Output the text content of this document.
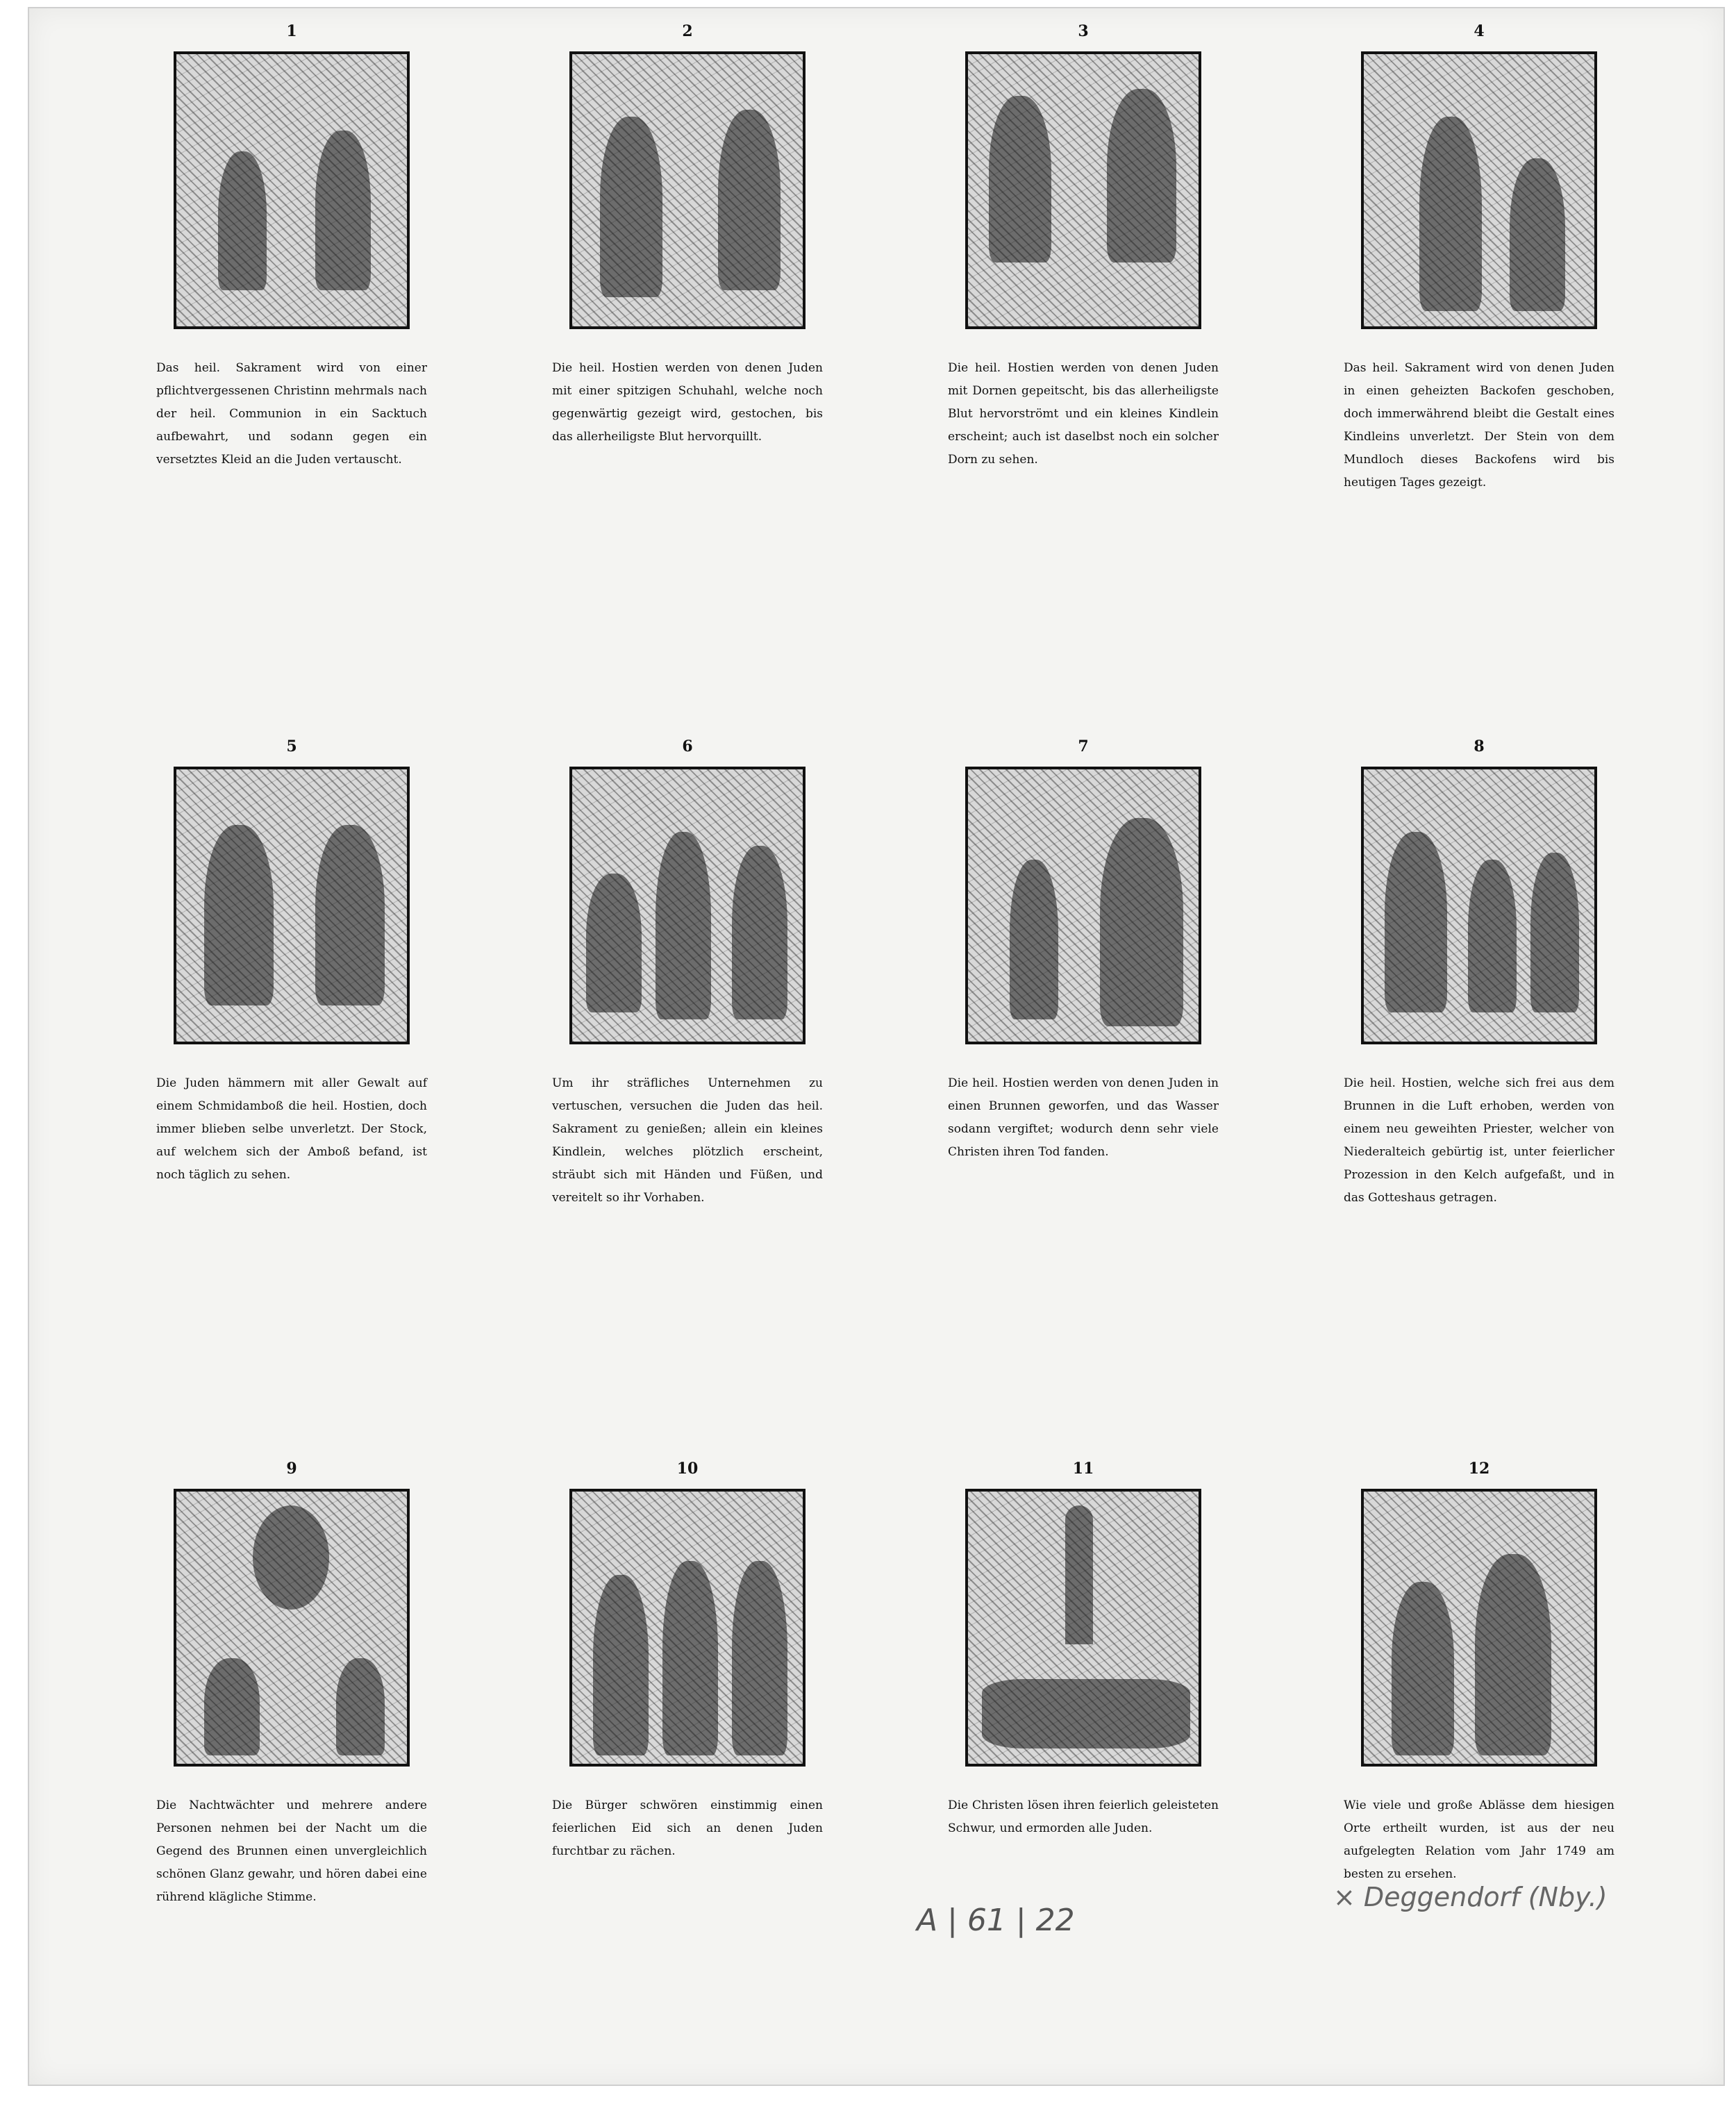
1
Das heil. Sakrament wird von einer pflichtvergessenen Christinn mehrmals nach der heil. Communion in ein Sacktuch aufbewahrt, und sodann gegen ein versetztes Kleid an die Juden vertauscht.
2
Die heil. Hostien werden von denen Juden mit einer spitzigen Schuhahl, welche noch gegenwärtig gezeigt wird, gestochen, bis das allerheiligste Blut hervorquillt.
3
Die heil. Hostien werden von denen Juden mit Dornen gepeitscht, bis das allerheiligste Blut hervorströmt und ein kleines Kindlein erscheint; auch ist daselbst noch ein solcher Dorn zu sehen.
4
Das heil. Sakrament wird von denen Juden in einen geheizten Backofen geschoben, doch immerwährend bleibt die Gestalt eines Kindleins unverletzt. Der Stein von dem Mundloch dieses Backofens wird bis heutigen Tages gezeigt.
5
Die Juden hämmern mit aller Gewalt auf einem Schmidamboß die heil. Hostien, doch immer blieben selbe unverletzt. Der Stock, auf welchem sich der Amboß befand, ist noch täglich zu sehen.
6
Um ihr sträfliches Unternehmen zu vertuschen, versuchen die Juden das heil. Sakrament zu genießen; allein ein kleines Kindlein, welches plötzlich erscheint, sträubt sich mit Händen und Füßen, und vereitelt so ihr Vorhaben.
7
Die heil. Hostien werden von denen Juden in einen Brunnen geworfen, und das Wasser sodann vergiftet; wodurch denn sehr viele Christen ihren Tod fanden.
8
Die heil. Hostien, welche sich frei aus dem Brunnen in die Luft erhoben, werden von einem neu geweihten Priester, welcher von Niederalteich gebürtig ist, unter feierlicher Prozession in den Kelch aufgefaßt, und in das Gotteshaus getragen.
9
Die Nachtwächter und mehrere andere Personen nehmen bei der Nacht um die Gegend des Brunnen einen unvergleichlich schönen Glanz gewahr, und hören dabei eine rührend klägliche Stimme.
10
Die Bürger schwören einstimmig einen feierlichen Eid sich an denen Juden furchtbar zu rächen.
11
Die Christen lösen ihren feierlich geleisteten Schwur, und ermorden alle Juden.
12
Wie viele und große Ablässe dem hiesigen Orte ertheilt wurden, ist aus der neu aufgelegten Relation vom Jahr 1749 am besten zu ersehen.
A | 61 | 22
× Deggendorf (Nby.)
